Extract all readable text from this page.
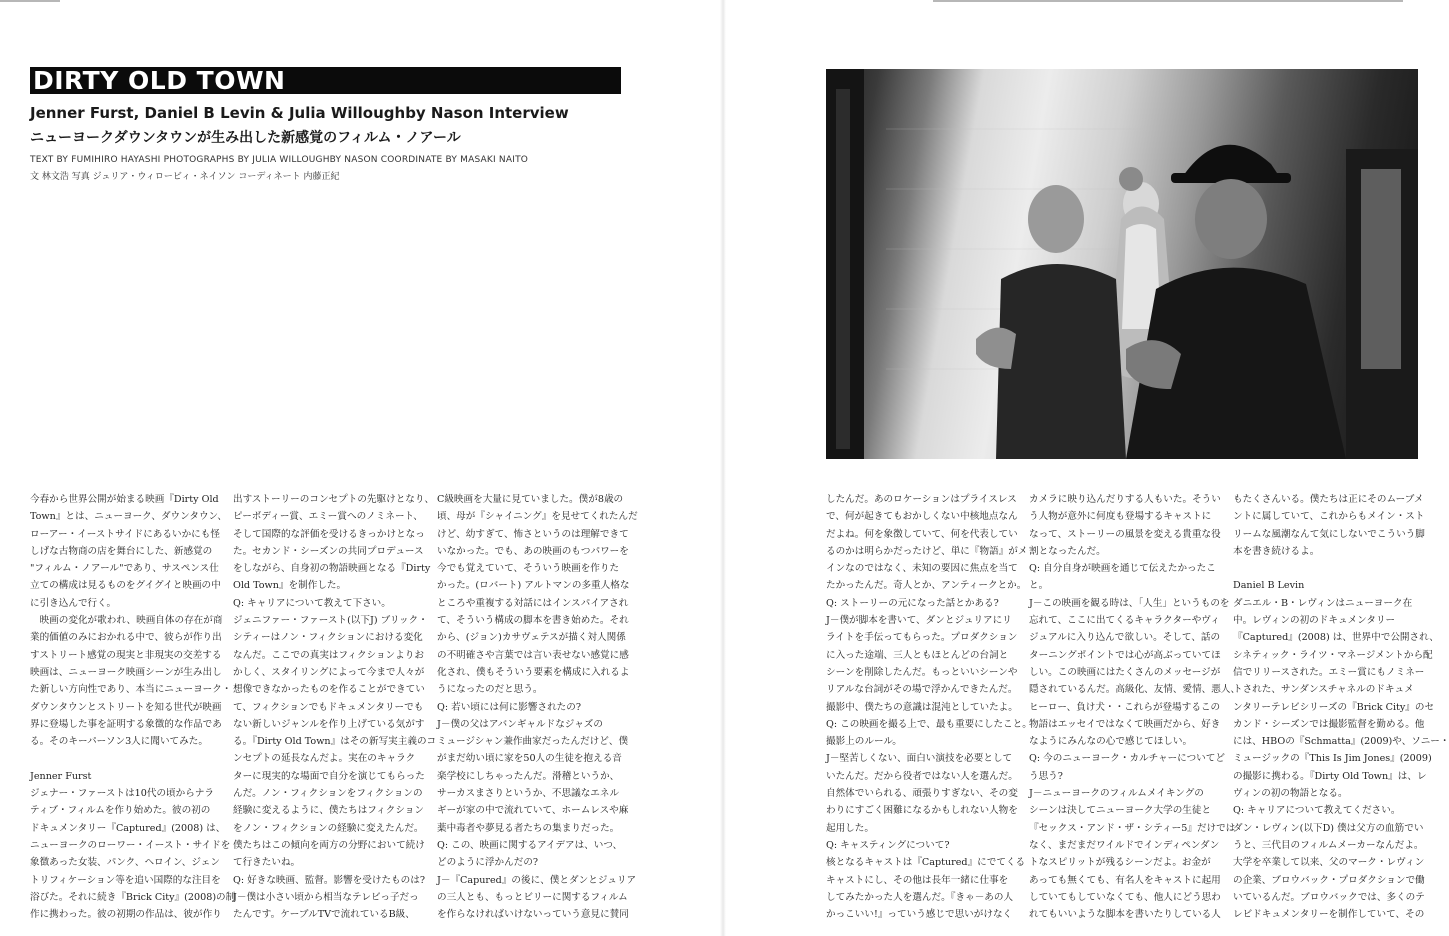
DIRTY OLD TOWN
Jenner Furst, Daniel B Levin & Julia Willoughby Nason Interview
ニューヨークダウンタウンが生み出した新感覚のフィルム・ノアール
TEXT BY FUMIHIRO HAYASHI PHOTOGRAPHS BY JULIA WILLOUGHBY NASON COORDINATE BY MASAKI NAITO
文 林文浩 写真 ジュリア・ウィロービィ・ネイソン コーディネート 内藤正紀

今春から世界公開が始まる映画『Dirty Old

Town』とは、ニューヨーク、ダウンタウン、

ローアー・イーストサイドにあるいかにも怪

しげな古物商の店を舞台にした、新感覚の

"フィルム・ノアール"であり、サスペンス仕

立ての構成は見るものをグイグイと映画の中

に引き込んで行く。

　映画の変化が歌われ、映画自体の存在が商

業的価値のみにおかれる中で、彼らが作り出

すストリート感覚の現実と非現実の交差する

映画は、ニューヨーク映画シーンが生み出し

た新しい方向性であり、本当にニューヨーク・

ダウンタウンとストリートを知る世代が映画

界に登場した事を証明する象徴的な作品であ

る。そのキーパーソン3人に聞いてみた。

Jenner Furst

ジェナー・ファーストは10代の頃からナラ

ティブ・フィルムを作り始めた。彼の初の

ドキュメンタリー『Captured』(2008) は、

ニューヨークのローワー・イースト・サイドを

象徴あった女装、パンク、ヘロイン、ジェン

トリフィケーション等を追い国際的な注目を

浴びた。それに続き『Brick City』(2008)の制

作に携わった。彼の初期の作品は、彼が作り

出すストーリーのコンセプトの先駆けとなり、

ピーボディー賞、エミー賞へのノミネート、

そして国際的な評価を受けるきっかけとなっ

た。セカンド・シーズンの共同プロデュース

をしながら、自身初の物語映画となる『Dirty

Old Town』を制作した。

Q: キャリアについて教えて下さい。

ジェニファー・ファースト(以下J) ブリック・

シティーはノン・フィクションにおける変化

なんだ。ここでの真実はフィクションよりお

かしく、スタイリングによって今まで人々が

想像できなかったものを作ることができてい

て、フィクションでもドキュメンタリーでも

ない新しいジャンルを作り上げている気がす

る。『Dirty Old Town』はその新写実主義のコ

ンセプトの延長なんだよ。実在のキャラク

ターに現実的な場面で自分を演じてもらった

んだ。ノン・フィクションをフィクションの

経験に変えるように、僕たちはフィクション

をノン・フィクションの経験に変えたんだ。

僕たちはこの傾向を両方の分野において続け

て行きたいね。

Q: 好きな映画、監督。影響を受けたものは?

J－僕は小さい頃から相当なテレビっ子だっ

たんです。ケーブルTVで流れているB級、

C級映画を大量に見ていました。僕が8歳の

頃、母が『シャイニング』を見せてくれたんだ

けど、幼すぎて、怖さというのは理解できて

いなかった。でも、あの映画のもつパワーを

今でも覚えていて、そういう映画を作りた

かった。(ロバート) アルトマンの多重人格な

ところや重複する対話にはインスパイアされ

て、そういう構成の脚本を書き始めた。それ

から、(ジョン)カサヴェテスが描く対人関係

の不明確さや言葉では言い表せない感覚に感

化され、僕もそういう要素を構成に入れるよ

うになったのだと思う。

Q: 若い頃には何に影響されたの?

J－僕の父はアバンギャルドなジャズの

ミュージシャン兼作曲家だったんだけど、僕

がまだ幼い頃に家を50人の生徒を抱える音

楽学校にしちゃったんだ。滑稽というか、

サーカスまさりというか、不思議なエネル

ギーが家の中で流れていて、ホームレスや麻

薬中毒者や夢見る者たちの集まりだった。

Q: この、映画に関するアイデアは、いつ、

どのように浮かんだの?

J－『Capured』の後に、僕とダンとジュリア

の三人とも、もっとビリーに関するフィルム

を作らなければいけないっていう意見に賛同

したんだ。あのロケーションはプライスレス

で、何が起きてもおかしくない中核地点なん

だよね。何を象徴していて、何を代表してい

るのかは明らかだったけど、単に『物語』がメ

インなのではなく、未知の要因に焦点を当て

たかったんだ。奇人とか、アンティークとか。

Q: ストーリーの元になった話とかある?

J－僕が脚本を書いて、ダンとジュリアにリ

ライトを手伝ってもらった。プロダクション

に入った途端、三人ともほとんどの台詞と

シーンを削除したんだ。もっといいシーンや

リアルな台詞がその場で浮かんできたんだ。

撮影中、僕たちの意識は混沌としていたよ。

Q: この映画を撮る上で、最も重要にしたこと。

撮影上のルール。

J－堅苦しくない、面白い演技を必要として

いたんだ。だから役者ではない人を選んだ。

自然体でいられる、頑張りすぎない、その変

わりにすごく困難になるかもしれない人物を

起用した。

Q: キャスティングについて?

核となるキャストは『Captured』にでてくる

キャストにし、その他は長年一緒に仕事を

してみたかった人を選んだ。『きゃ－あの人

かっこいい!』っていう感じで思いがけなく

カメラに映り込んだりする人もいた。そうい

う人物が意外に何度も登場するキャストに

なって、ストーリーの風景を変える貴重な役

割となったんだ。

Q: 自分自身が映画を通じて伝えたかったこ

と。

J－この映画を観る時は、「人生」というものを

忘れて、ここに出てくるキャラクターやヴィ

ジュアルに入り込んで欲しい。そして、話の

ターニングポイントでは心が高ぶっていてほ

しい。この映画にはたくさんのメッセージが

隠されているんだ。高級化、友情、愛情、悪人、

ヒーロー、負け犬・・これらが登場するこの

物語はエッセイではなくて映画だから、好き

なようにみんなの心で感じてほしい。

Q: 今のニューヨーク・カルチャーについてど

う思う?

J－ニューヨークのフィルムメイキングの

シーンは決してニューヨーク大学の生徒と

『セックス・アンド・ザ・シティー5』だけでは

なく、まだまだワイルドでインディペンダン

トなスピリットが残るシーンだよ。お金が

あっても無くても、有名人をキャストに起用

していてもしていなくても、他人にどう思わ

れてもいいような脚本を書いたりしている人

もたくさんいる。僕たちは正にそのムーブメ

ントに属していて、これからもメイン・スト

リームな風潮なんて気にしないでこういう脚

本を書き続けるよ。

Daniel B Levin

ダニエル・B・レヴィンはニューヨーク在

中。レヴィンの初のドキュメンタリー

『Captured』(2008) は、世界中で公開され、

シネティック・ライツ・マネージメントから配

信でリリースされた。エミー賞にもノミネー

トされた、サンダンスチャネルのドキュメ

ンタリーテレビシリーズの『Brick City』のセ

カンド・シーズンでは撮影監督を勤める。他

には、HBOの『Schmatta』(2009)や、ソニー・

ミュージックの『This Is Jim Jones』(2009)

の撮影に携わる。『Dirty Old Town』は、レ

ヴィンの初の物語となる。

Q: キャリアについて教えてください。

ダン・レヴィン(以下D) 僕は父方の血筋でい

うと、三代目のフィルムメーカーなんだよ。

大学を卒業して以来、父のマーク・レヴィン

の企業、ブロウバック・プロダクションで働

いているんだ。ブロウバックでは、多くのテ

レビドキュメンタリーを制作していて、その
